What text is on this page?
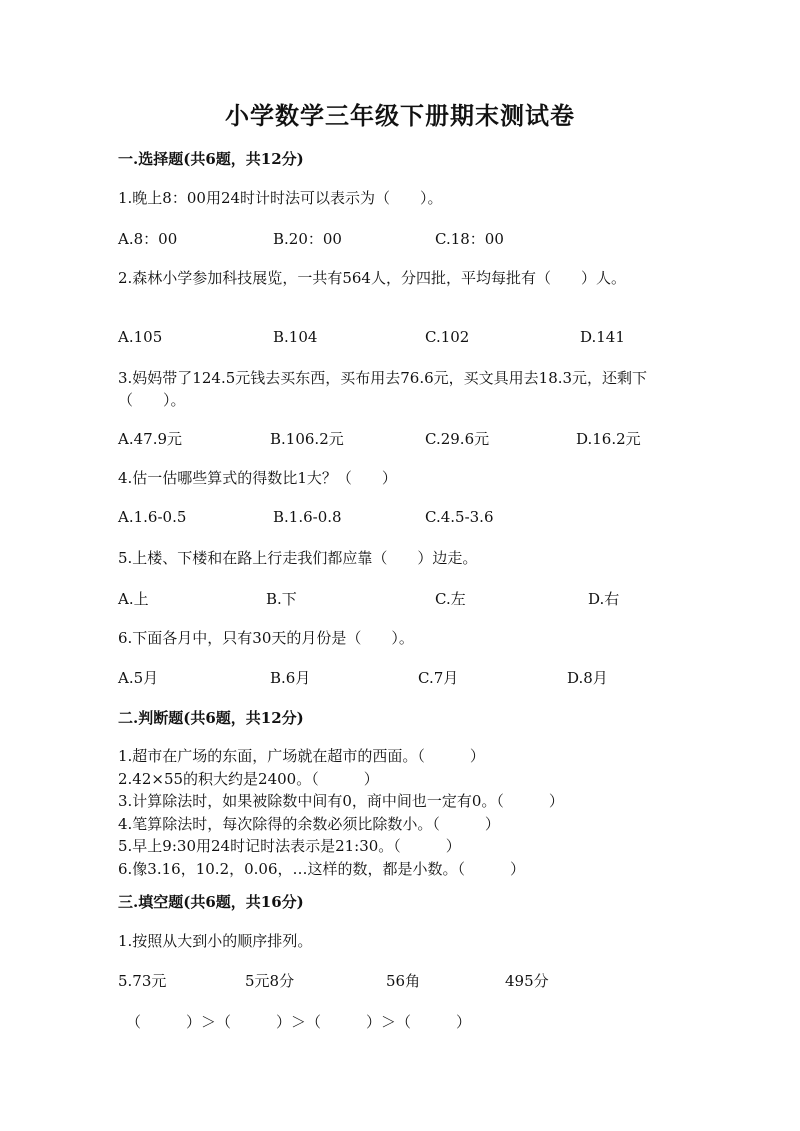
小学数学三年级下册期末测试卷
一.选择题(共6题，共12分)
1.晚上8：00用24时计时法可以表示为（　　）。
A.8：00	B.20：00	C.18：00
2.森林小学参加科技展览，一共有564人，分四批，平均每批有（　　）人。
A.105	B.104	C.102	D.141
3.妈妈带了124.5元钱去买东西，买布用去76.6元，买文具用去18.3元，还剩下（　　）。
A.47.9元	B.106.2元	C.29.6元	D.16.2元
4.估一估哪些算式的得数比1大？（　　）
A.1.6-0.5	B.1.6-0.8	C.4.5-3.6
5.上楼、下楼和在路上行走我们都应靠（　　）边走。
A.上	B.下	C.左	D.右
6.下面各月中，只有30天的月份是（　　）。
A.5月	B.6月	C.7月	D.8月
二.判断题(共6题，共12分)
1.超市在广场的东面，广场就在超市的西面。（　　　）
2.42×55的积大约是2400。（　　　）
3.计算除法时，如果被除数中间有0，商中间也一定有0。（　　　）
4.笔算除法时，每次除得的余数必须比除数小。（　　　）
5.早上9:30用24时记时法表示是21:30。（　　　）
6.像3.16，10.2，0.06，…这样的数，都是小数。（　　　）
三.填空题(共6题，共16分)
1.按照从大到小的顺序排列。
5.73元	5元8分	56角	495分
（　　　）＞（　　　）＞（　　　）＞（　　　）
